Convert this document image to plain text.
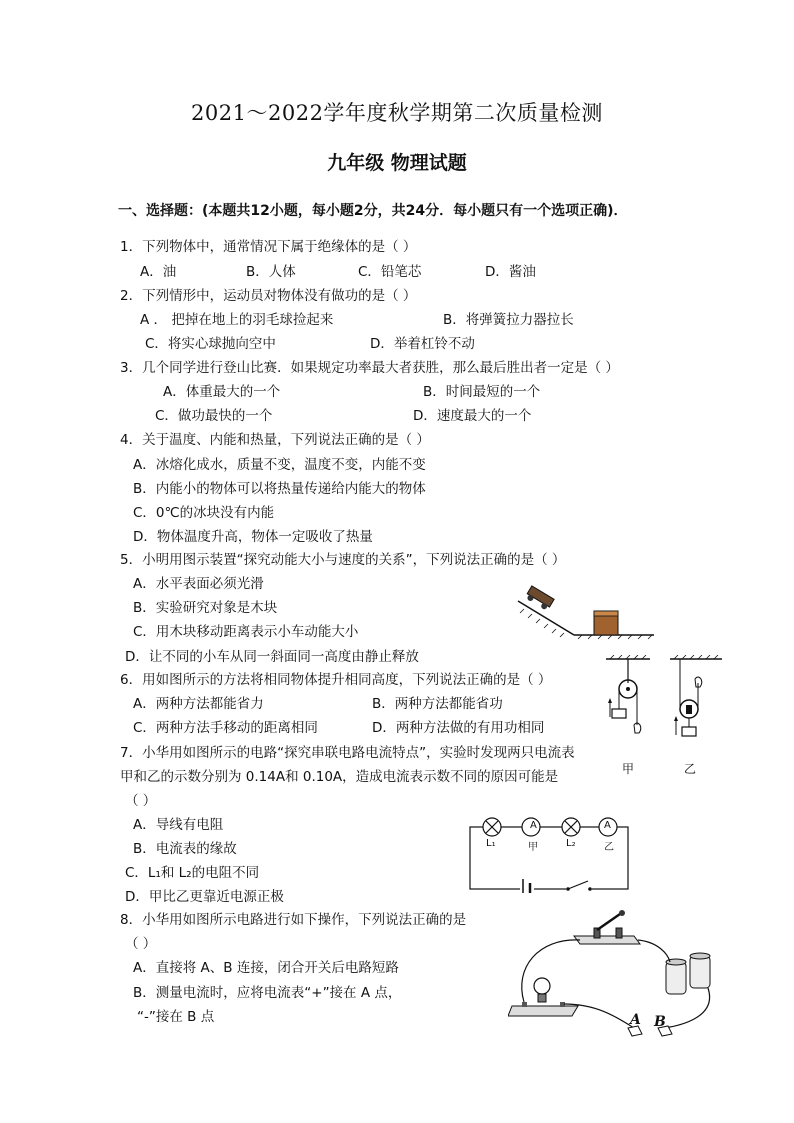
2021～2022学年度秋学期第二次质量检测
九年级 物理试题
一、选择题：(本题共12小题，每小题2分，共24分．每小题只有一个选项正确)．
1．下列物体中，通常情况下属于绝缘体的是（ ）
A．油	B．人体	C．铅笔芯	D．酱油
2．下列情形中，运动员对物体没有做功的是（ ）
A ． 把掉在地上的羽毛球捡起来	B．将弹簧拉力器拉长
C．将实心球抛向空中	D．举着杠铃不动
3．几个同学进行登山比赛．如果规定功率最大者获胜，那么最后胜出者一定是（ ）
A．体重最大的一个	B．时间最短的一个
C．做功最快的一个	D．速度最大的一个
4．关于温度、内能和热量，下列说法正确的是（ ）
A．冰熔化成水，质量不变，温度不变，内能不变
B．内能小的物体可以将热量传递给内能大的物体
C．0℃的冰块没有内能
D．物体温度升高，物体一定吸收了热量
5．小明用图示装置“探究动能大小与速度的关系”，下列说法正确的是（ ）
A．水平表面必须光滑
B．实验研究对象是木块
C．用木块移动距离表示小车动能大小
D．让不同的小车从同一斜面同一高度由静止释放
6．用如图所示的方法将相同物体提升相同高度，下列说法正确的是（ ）
A．两种方法都能省力	B．两种方法都能省功
C．两种方法手移动的距离相同	D．两种方法做的有用功相同
甲	乙
7．小华用如图所示的电路“探究串联电路电流特点”，实验时发现两只电流表
甲和乙的示数分别为 0.14A和 0.10A，造成电流表示数不同的原因可能是
（ ）
A．导线有电阻
B．电流表的缘故
C．L₁和 L₂的电阻不同
D．甲比乙更靠近电源正极
A	A
L₁	甲	L₂	乙
8．小华用如图所示电路进行如下操作，下列说法正确的是
（ ）
A．直接将 A、B 连接，闭合开关后电路短路
B．测量电流时，应将电流表“+”接在 A 点，
“-”接在 B 点	A B
